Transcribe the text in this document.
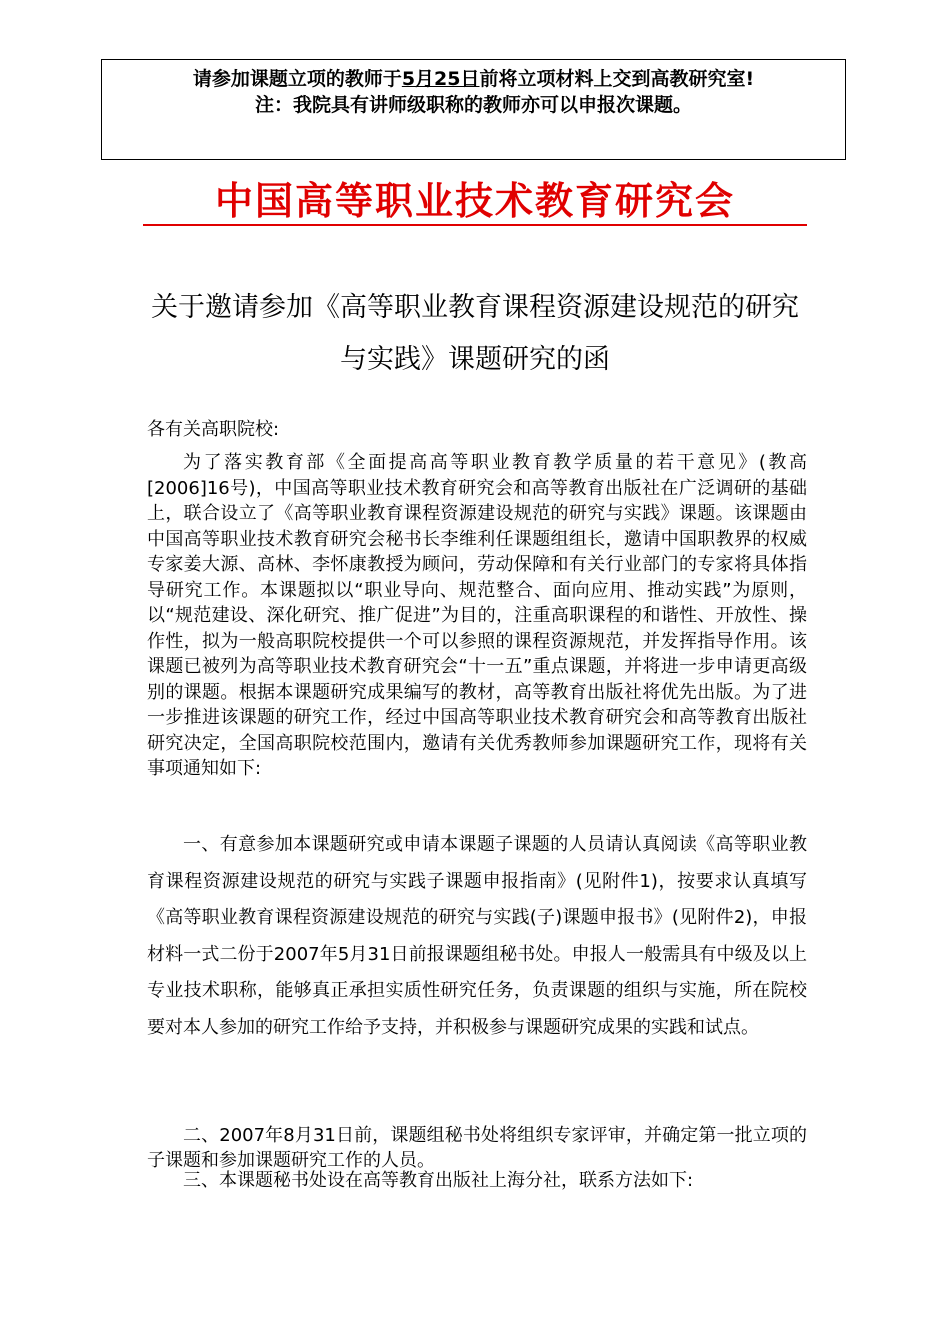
请参加课题立项的教师于5月25日前将立项材料上交到高教研究室!
注：我院具有讲师级职称的教师亦可以申报次课题。
中国高等职业技术教育研究会
关于邀请参加《高等职业教育课程资源建设规范的研究与实践》课题研究的函
各有关高职院校:

为了落实教育部《全面提高高等职业教育教学质量的若干意见》(教高[2006]16号)，中国高等职业技术教育研究会和高等教育出版社在广泛调研的基础上，联合设立了《高等职业教育课程资源建设规范的研究与实践》课题。该课题由中国高等职业技术教育研究会秘书长李维利任课题组组长，邀请中国职教界的权威专家姜大源、高林、李怀康教授为顾问，劳动保障和有关行业部门的专家将具体指导研究工作。本课题拟以“职业导向、规范整合、面向应用、推动实践”为原则，以“规范建设、深化研究、推广促进”为目的，注重高职课程的和谐性、开放性、操作性，拟为一般高职院校提供一个可以参照的课程资源规范，并发挥指导作用。该课题已被列为高等职业技术教育研究会“十一五”重点课题，并将进一步申请更高级别的课题。根据本课题研究成果编写的教材，高等教育出版社将优先出版。为了进一步推进该课题的研究工作，经过中国高等职业技术教育研究会和高等教育出版社研究决定，全国高职院校范围内，邀请有关优秀教师参加课题研究工作，现将有关事项通知如下:

一、有意参加本课题研究或申请本课题子课题的人员请认真阅读《高等职业教育课程资源建设规范的研究与实践子课题申报指南》(见附件1)，按要求认真填写《高等职业教育课程资源建设规范的研究与实践(子)课题申报书》(见附件2)，申报材料一式二份于2007年5月31日前报课题组秘书处。申报人一般需具有中级及以上专业技术职称，能够真正承担实质性研究任务，负责课题的组织与实施，所在院校要对本人参加的研究工作给予支持，并积极参与课题研究成果的实践和试点。

二、2007年8月31日前，课题组秘书处将组织专家评审，并确定第一批立项的子课题和参加课题研究工作的人员。

三、本课题秘书处设在高等教育出版社上海分社，联系方法如下:
